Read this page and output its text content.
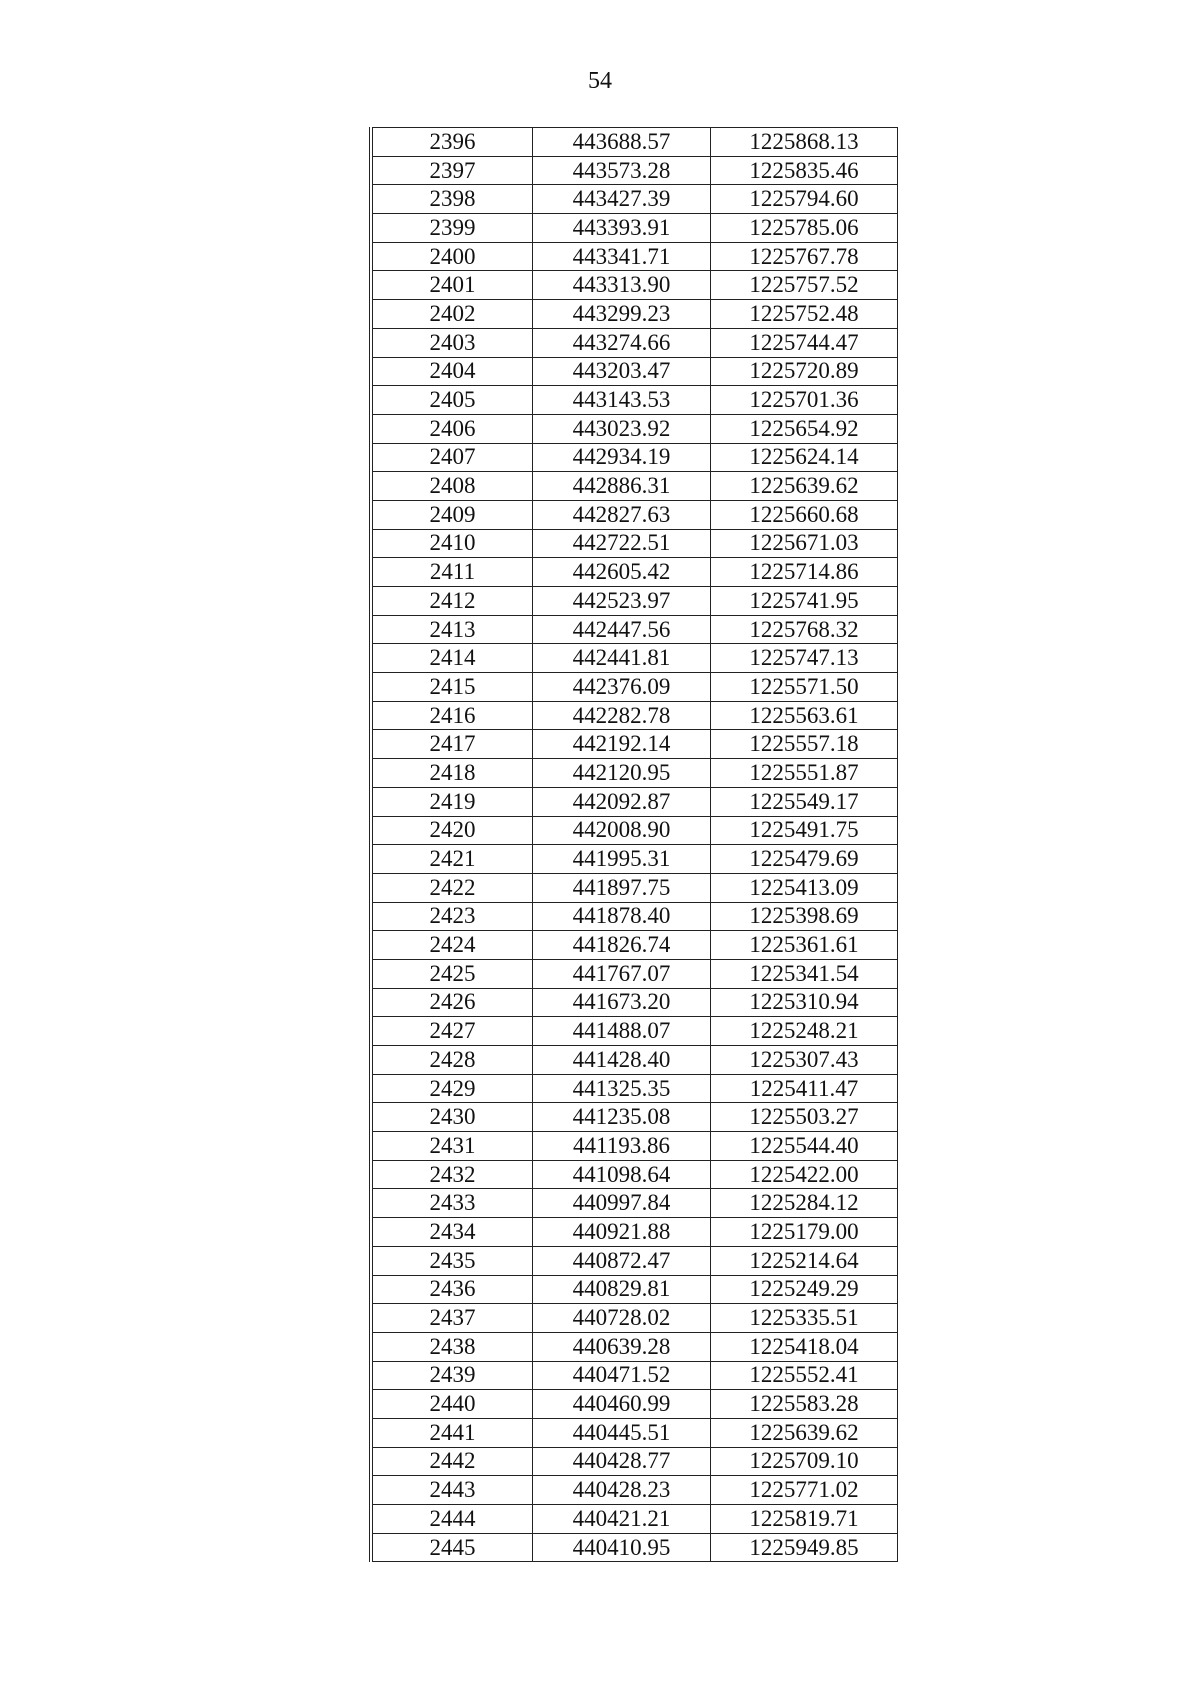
54
2396	443688.57	1225868.13
2397	443573.28	1225835.46
2398	443427.39	1225794.60
2399	443393.91	1225785.06
2400	443341.71	1225767.78
2401	443313.90	1225757.52
2402	443299.23	1225752.48
2403	443274.66	1225744.47
2404	443203.47	1225720.89
2405	443143.53	1225701.36
2406	443023.92	1225654.92
2407	442934.19	1225624.14
2408	442886.31	1225639.62
2409	442827.63	1225660.68
2410	442722.51	1225671.03
2411	442605.42	1225714.86
2412	442523.97	1225741.95
2413	442447.56	1225768.32
2414	442441.81	1225747.13
2415	442376.09	1225571.50
2416	442282.78	1225563.61
2417	442192.14	1225557.18
2418	442120.95	1225551.87
2419	442092.87	1225549.17
2420	442008.90	1225491.75
2421	441995.31	1225479.69
2422	441897.75	1225413.09
2423	441878.40	1225398.69
2424	441826.74	1225361.61
2425	441767.07	1225341.54
2426	441673.20	1225310.94
2427	441488.07	1225248.21
2428	441428.40	1225307.43
2429	441325.35	1225411.47
2430	441235.08	1225503.27
2431	441193.86	1225544.40
2432	441098.64	1225422.00
2433	440997.84	1225284.12
2434	440921.88	1225179.00
2435	440872.47	1225214.64
2436	440829.81	1225249.29
2437	440728.02	1225335.51
2438	440639.28	1225418.04
2439	440471.52	1225552.41
2440	440460.99	1225583.28
2441	440445.51	1225639.62
2442	440428.77	1225709.10
2443	440428.23	1225771.02
2444	440421.21	1225819.71
2445	440410.95	1225949.85
